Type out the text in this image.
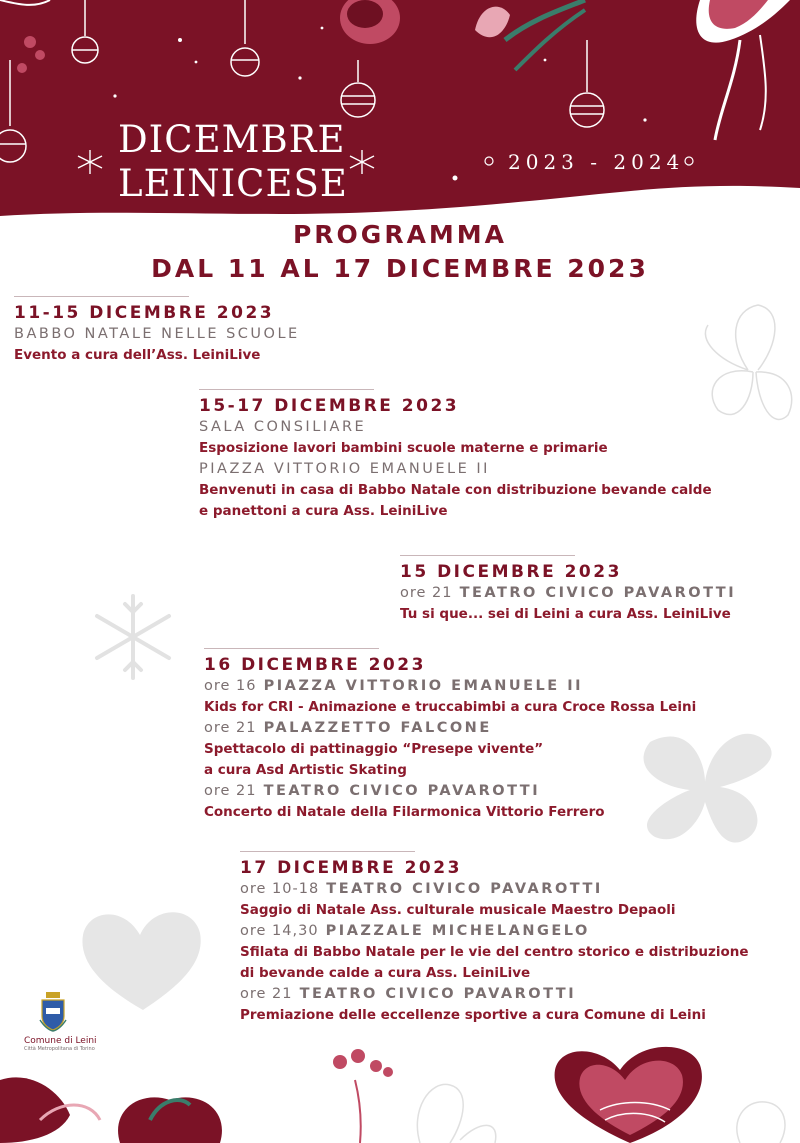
DICEMBRE
LEINICESE	2023 - 2024
PROGRAMMA
DAL 11 AL 17 DICEMBRE 2023
Comune di Leini
Città Metropolitana di Torino
11-15 DICEMBRE 2023
BABBO NATALE NELLE SCUOLE
Evento a cura dell’Ass. LeiniLive
15-17 DICEMBRE 2023
SALA CONSILIARE
Esposizione lavori bambini scuole materne e primarie
PIAZZA VITTORIO EMANUELE II
Benvenuti in casa di Babbo Natale con distribuzione bevande calde
e panettoni a cura Ass. LeiniLive
15 DICEMBRE 2023
ore 21 TEATRO CIVICO PAVAROTTI
Tu si que... sei di Leini a cura Ass. LeiniLive
16 DICEMBRE 2023
ore 16 PIAZZA VITTORIO EMANUELE II
Kids for CRI - Animazione e truccabimbi a cura Croce Rossa Leini
ore 21 PALAZZETTO FALCONE
Spettacolo di pattinaggio “Presepe vivente”
a cura Asd Artistic Skating
ore 21 TEATRO CIVICO PAVAROTTI
Concerto di Natale della Filarmonica Vittorio Ferrero
17 DICEMBRE 2023
ore 10-18 TEATRO CIVICO PAVAROTTI
Saggio di Natale Ass. culturale musicale Maestro Depaoli
ore 14,30 PIAZZALE MICHELANGELO
Sfilata di Babbo Natale per le vie del centro storico e distribuzione
di bevande calde a cura Ass. LeiniLive
ore 21 TEATRO CIVICO PAVAROTTI
Premiazione delle eccellenze sportive a cura Comune di Leini
